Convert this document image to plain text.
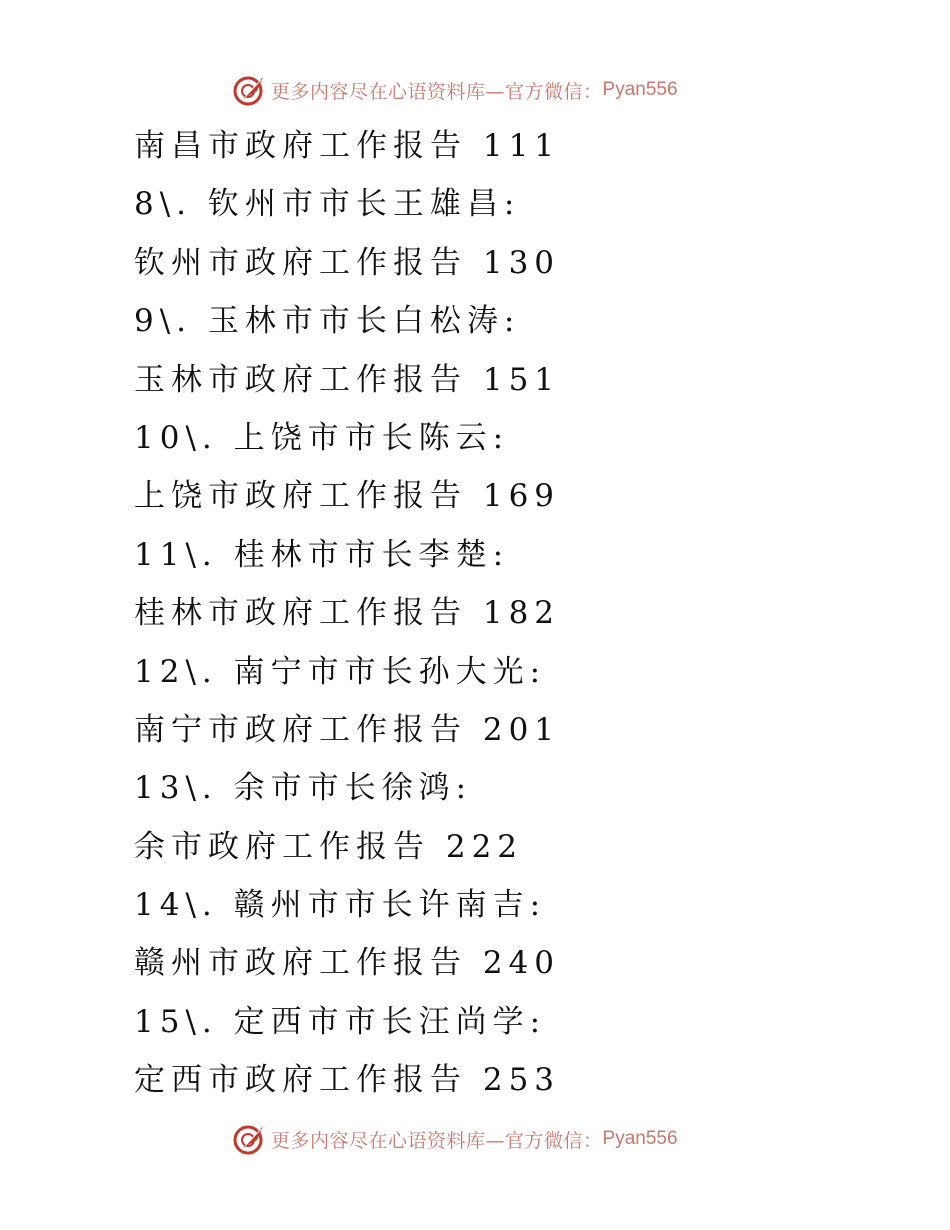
更多内容尽在心语资料库—官方微信： Pyan556
南昌市政府工作报告 111
8\. 钦州市市长王雄昌:
钦州市政府工作报告 130
9\. 玉林市市长白松涛:
玉林市政府工作报告 151
10\. 上饶市市长陈云:
上饶市政府工作报告 169
11\. 桂林市市长李楚:
桂林市政府工作报告 182
12\. 南宁市市长孙大光:
南宁市政府工作报告 201
13\. 余市市长徐鸿:
余市政府工作报告 222
14\. 赣州市市长许南吉:
赣州市政府工作报告 240
15\. 定西市市长汪尚学:
定西市政府工作报告 253
更多内容尽在心语资料库—官方微信： Pyan556
